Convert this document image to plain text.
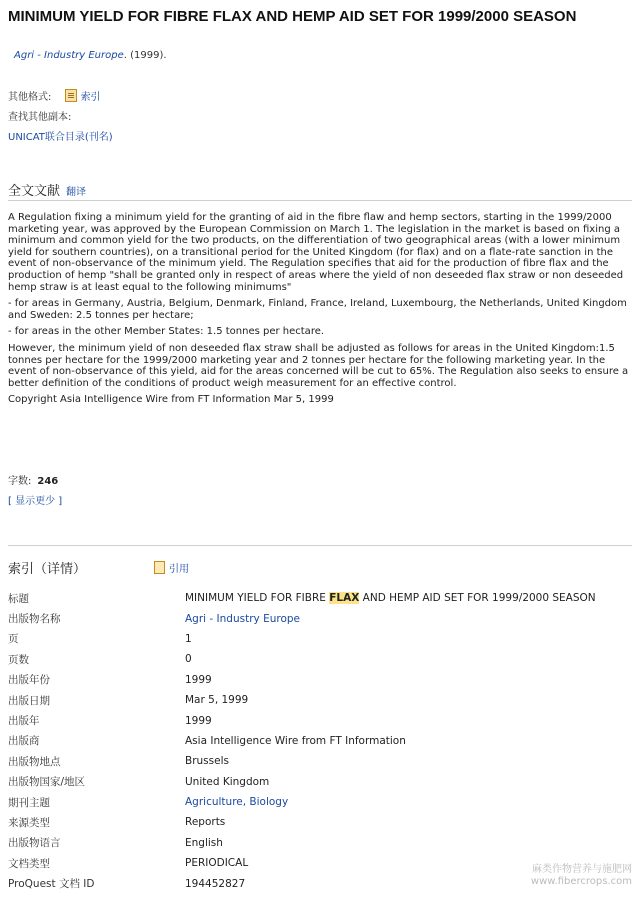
MINIMUM YIELD FOR FIBRE FLAX AND HEMP AID SET FOR 1999/2000 SEASON
Agri - Industry Europe. (1999).
其他格式:	索引
查找其他副本:
UNICAT联合目录(刊名)
全文文献 翻译

A Regulation fixing a minimum yield for the granting of aid in the fibre flaw and hemp sectors, starting in the 1999/2000 marketing year, was approved by the European Commission on March 1. The legislation in the market is based on fixing a minimum and common yield for the two products, on the differentiation of two geographical areas (with a lower minimum yield for southern countries), on a transitional period for the United Kingdom (for flax) and on a flate-rate sanction in the event of non-observance of the minimum yield. The Regulation specifies that aid for the production of fibre flax and the production of hemp "shall be granted only in respect of areas where the yield of non deseeded flax straw or non deseeded hemp straw is at least equal to the following minimums"

- for areas in Germany, Austria, Belgium, Denmark, Finland, France, Ireland, Luxembourg, the Netherlands, United Kingdom and Sweden: 2.5 tonnes per hectare;

- for areas in the other Member States: 1.5 tonnes per hectare.

However, the minimum yield of non deseeded flax straw shall be adjusted as follows for areas in the United Kingdom:1.5 tonnes per hectare for the 1999/2000 marketing year and 2 tonnes per hectare for the following marketing year. In the event of non-observance of this yield, aid for the areas concerned will be cut to 65%. The Regulation also seeks to ensure a better definition of the conditions of product weigh measurement for an effective control.

Copyright Asia Intelligence Wire from FT Information Mar 5, 1999

字数: 246
[ 显示更少 ]
索引（详情）	引用
标题	MINIMUM YIELD FOR FIBRE FLAX AND HEMP AID SET FOR 1999/2000 SEASON
出版物名称	Agri - Industry Europe
页	1
页数	0
出版年份	1999
出版日期	Mar 5, 1999
出版年	1999
出版商	Asia Intelligence Wire from FT Information
出版物地点	Brussels
出版物国家/地区	United Kingdom
期刊主题	Agriculture, Biology
来源类型	Reports
出版物语言	English
文档类型	PERIODICAL
ProQuest 文档 ID	194452827
麻类作物营养与施肥网
www.fibercrops.com
